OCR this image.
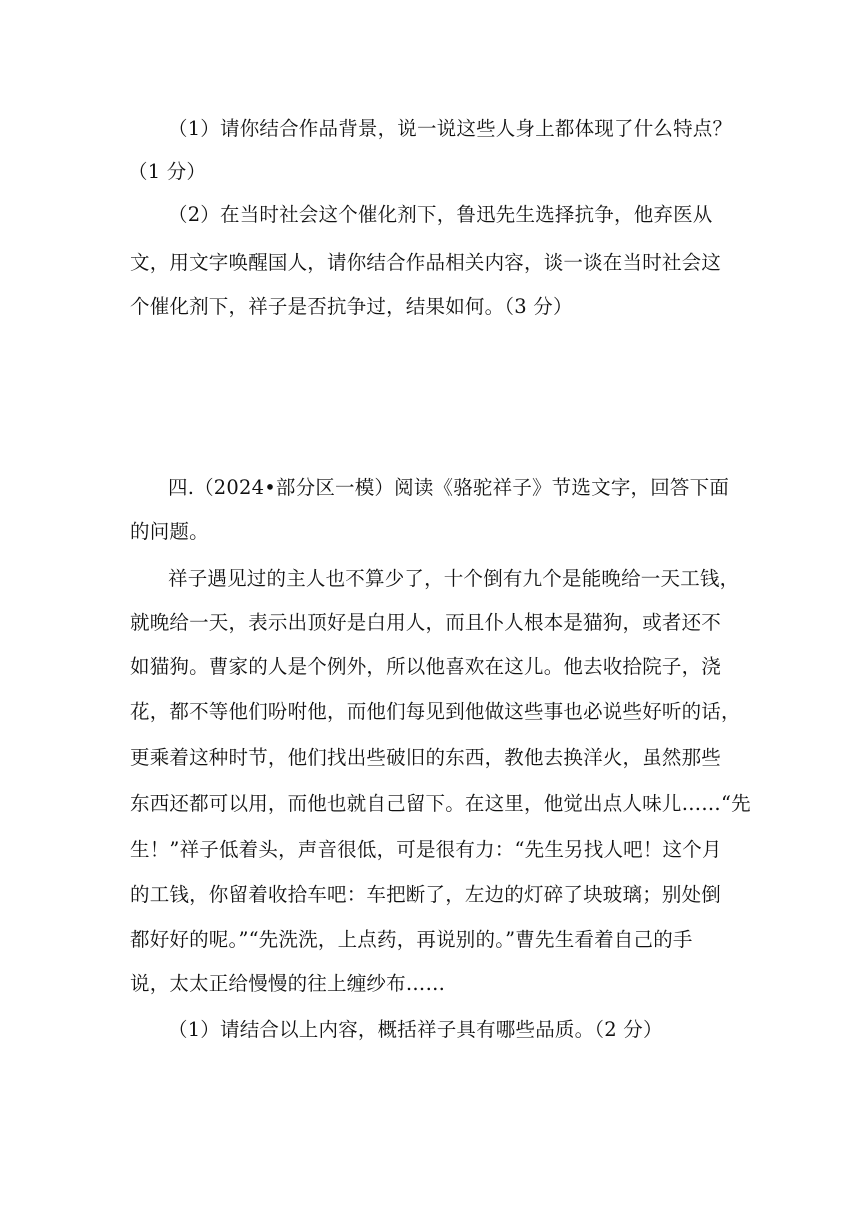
（1）请你结合作品背景，说一说这些人身上都体现了什么特点？
（1 分）
（2）在当时社会这个催化剂下，鲁迅先生选择抗争，他弃医从
文，用文字唤醒国人，请你结合作品相关内容，谈一谈在当时社会这
个催化剂下，祥子是否抗争过，结果如何。（3 分）
四.（2024•部分区一模）阅读《骆驼祥子》节选文字，回答下面
的问题。
祥子遇见过的主人也不算少了，十个倒有九个是能晚给一天工钱，
就晚给一天，表示出顶好是白用人，而且仆人根本是猫狗，或者还不
如猫狗。曹家的人是个例外，所以他喜欢在这儿。他去收拾院子，浇
花，都不等他们吩咐他，而他们每见到他做这些事也必说些好听的话，
更乘着这种时节，他们找出些破旧的东西，教他去换洋火，虽然那些
东西还都可以用，而他也就自己留下。在这里，他觉出点人味儿……“先
生！”祥子低着头，声音很低，可是很有力：“先生另找人吧！这个月
的工钱，你留着收拾车吧：车把断了，左边的灯碎了块玻璃；别处倒
都好好的呢。”“先洗洗，上点药，再说别的。”曹先生看着自己的手
说，太太正给慢慢的往上缠纱布……
（1）请结合以上内容，概括祥子具有哪些品质。（2 分）
